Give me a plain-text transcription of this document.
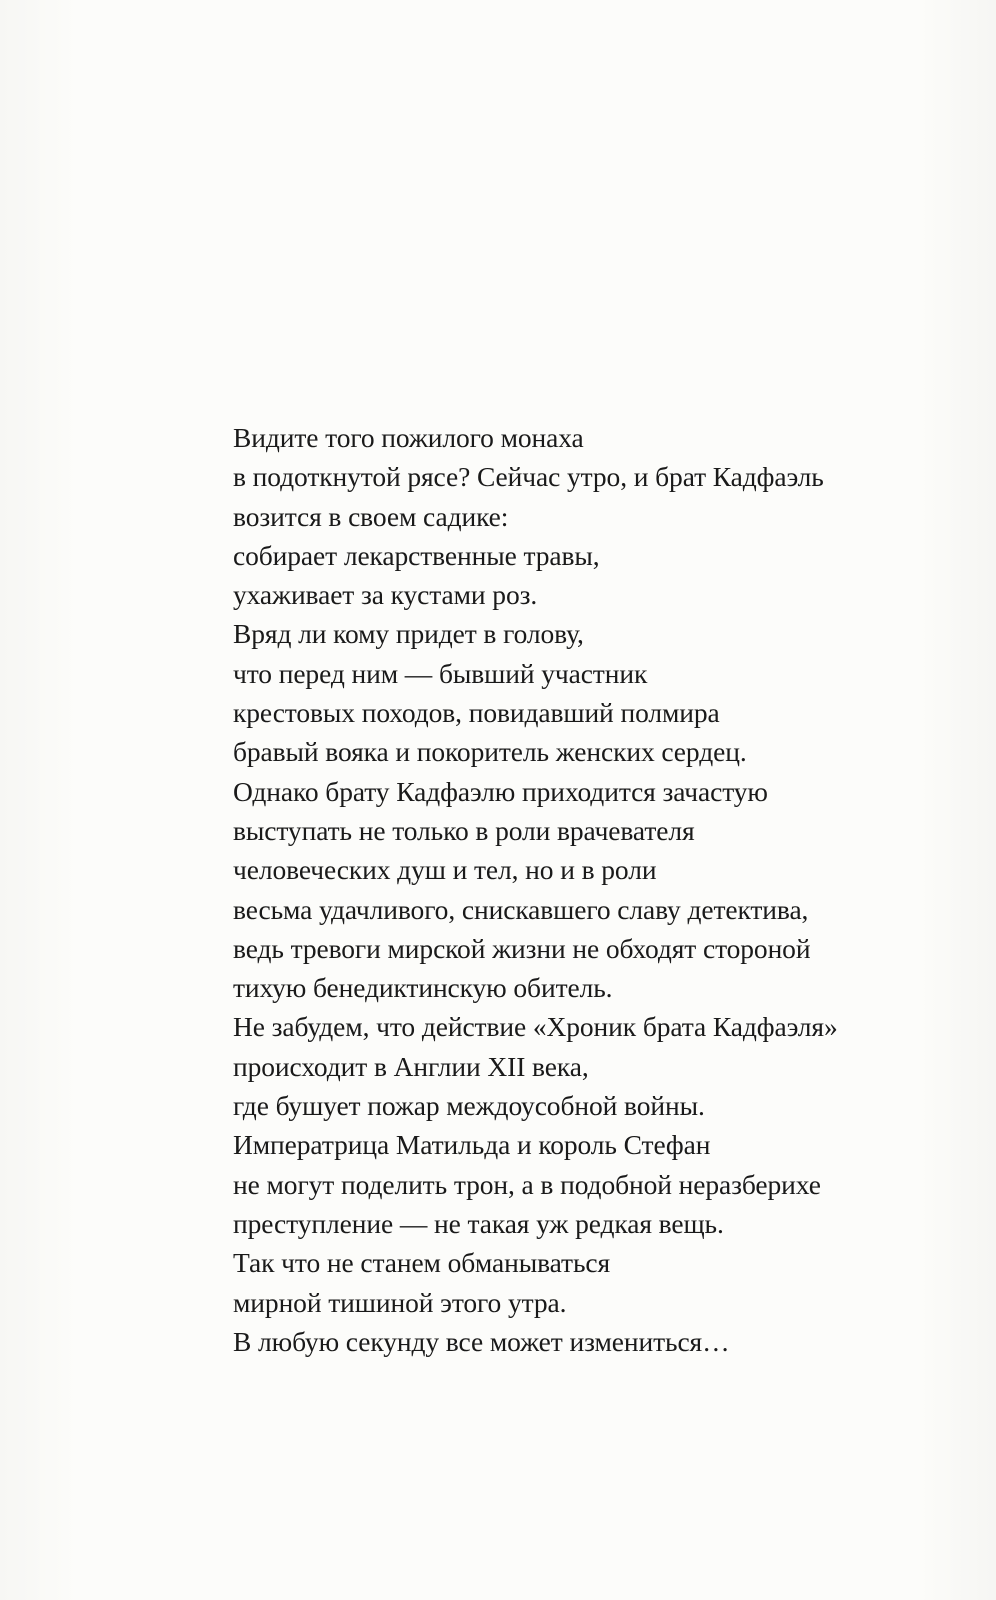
Видите того пожилого монаха
в подоткнутой рясе? Сейчас утро, и брат Кадфаэль
возится в своем садике:
собирает лекарственные травы,
ухаживает за кустами роз.
Вряд ли кому придет в голову,
что перед ним — бывший участник
крестовых походов, повидавший полмира
бравый вояка и покоритель женских сердец.
Однако брату Кадфаэлю приходится зачастую
выступать не только в роли врачевателя
человеческих душ и тел, но и в роли
весьма удачливого, снискавшего славу детектива,
ведь тревоги мирской жизни не обходят стороной
тихую бенедиктинскую обитель.
Не забудем, что действие «Хроник брата Кадфаэля»
происходит в Англии XII века,
где бушует пожар междоусобной войны.
Императрица Матильда и король Стефан
не могут поделить трон, а в подобной неразберихе
преступление — не такая уж редкая вещь.
Так что не станем обманываться
мирной тишиной этого утра.
В любую секунду все может измениться…
